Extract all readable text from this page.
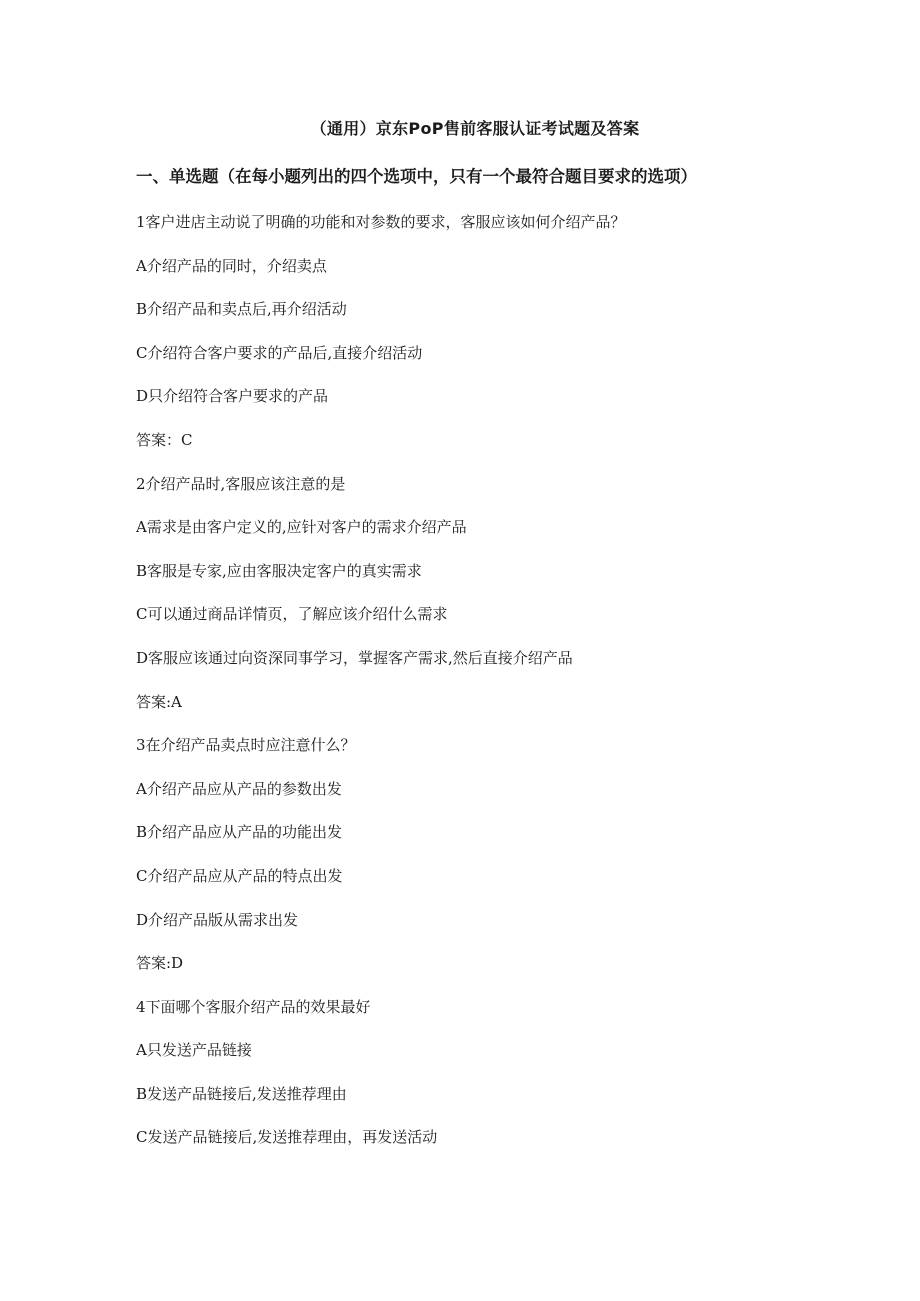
（通用）京东PoP售前客服认证考试题及答案
一、单选题（在每小题列出的四个选项中，只有一个最符合题目要求的选项）
1客户进店主动说了明确的功能和对参数的要求，客服应该如何介绍产品？
A介绍产品的同时，介绍卖点
B介绍产品和卖点后,再介绍活动
C介绍符合客户要求的产品后,直接介绍活动
D只介绍符合客户要求的产品
答案：C
2介绍产品时,客服应该注意的是
A需求是由客户定义的,应针对客户的需求介绍产品
B客服是专家,应由客服决定客户的真实需求
C可以通过商品详情页，了解应该介绍什么需求
D客服应该通过向资深同事学习，掌握客产需求,然后直接介绍产品
答案:A
3在介绍产品卖点时应注意什么？
A介绍产品应从产品的参数出发
B介绍产品应从产品的功能出发
C介绍产品应从产品的特点出发
D介绍产品版从需求出发
答案:D
4下面哪个客服介绍产品的效果最好
A只发送产品链接
B发送产品链接后,发送推荐理由
C发送产品链接后,发送推荐理由，再发送活动
